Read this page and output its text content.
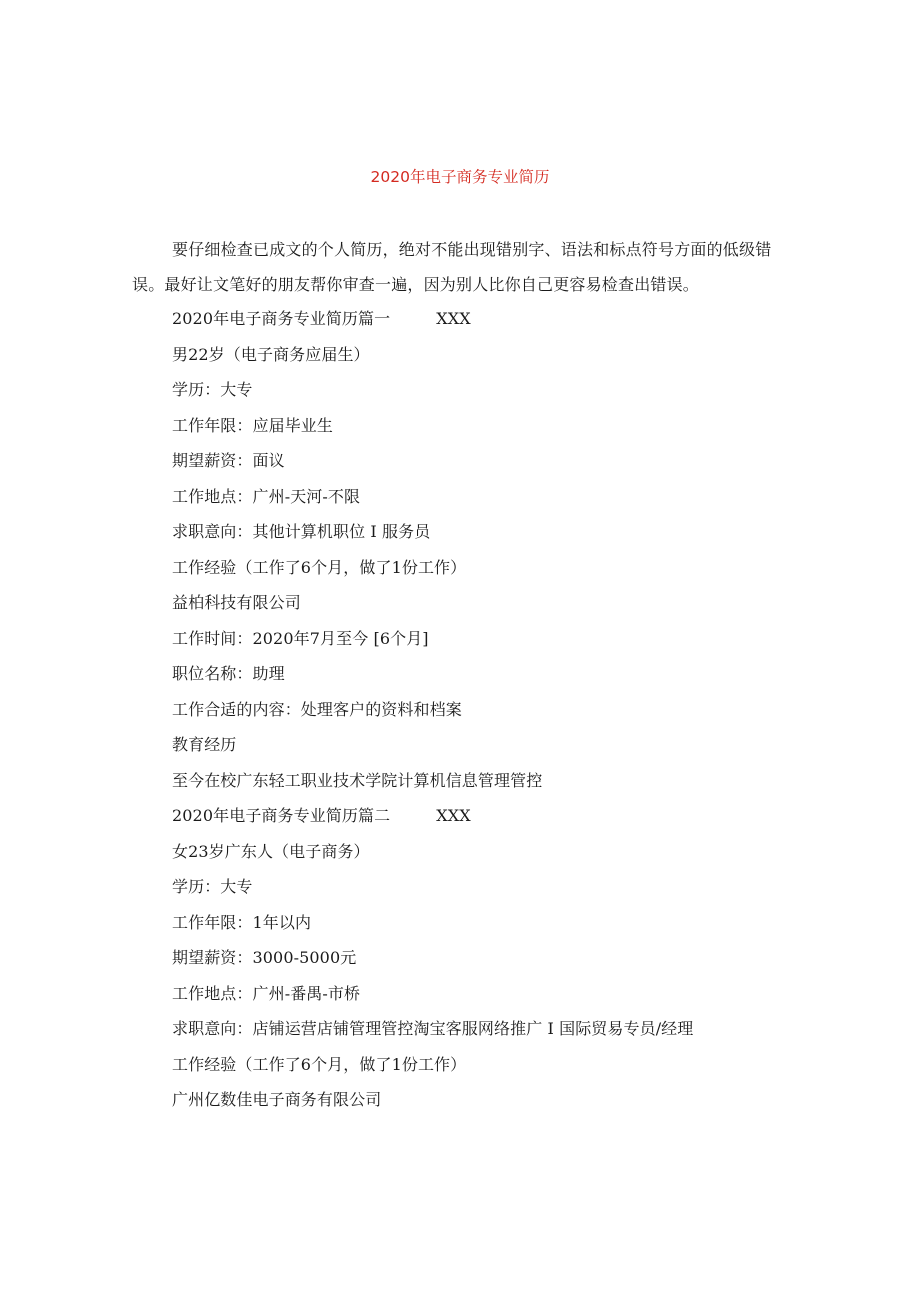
2020年电子商务专业简历
要仔细检查已成文的个人简历，绝对不能出现错别字、语法和标点符号方面的低级错误。最好让文笔好的朋友帮你审查一遍，因为别人比你自己更容易检查出错误。
2020年电子商务专业简历篇一	XXX
男22岁（电子商务应届生）
学历：大专
工作年限：应届毕业生
期望薪资：面议
工作地点：广州-天河-不限
求职意向：其他计算机职位 I 服务员
工作经验（工作了6个月，做了1份工作）
益柏科技有限公司
工作时间：2020年7月至今 [6个月]
职位名称：助理
工作合适的内容：处理客户的资料和档案
教育经历
至今在校广东轻工职业技术学院计算机信息管理管控
2020年电子商务专业简历篇二	XXX
女23岁广东人（电子商务）
学历：大专
工作年限：1年以内
期望薪资：3000-5000元
工作地点：广州-番禺-市桥
求职意向：店铺运营店铺管理管控淘宝客服网络推广 I 国际贸易专员/经理
工作经验（工作了6个月，做了1份工作）
广州亿数佳电子商务有限公司
